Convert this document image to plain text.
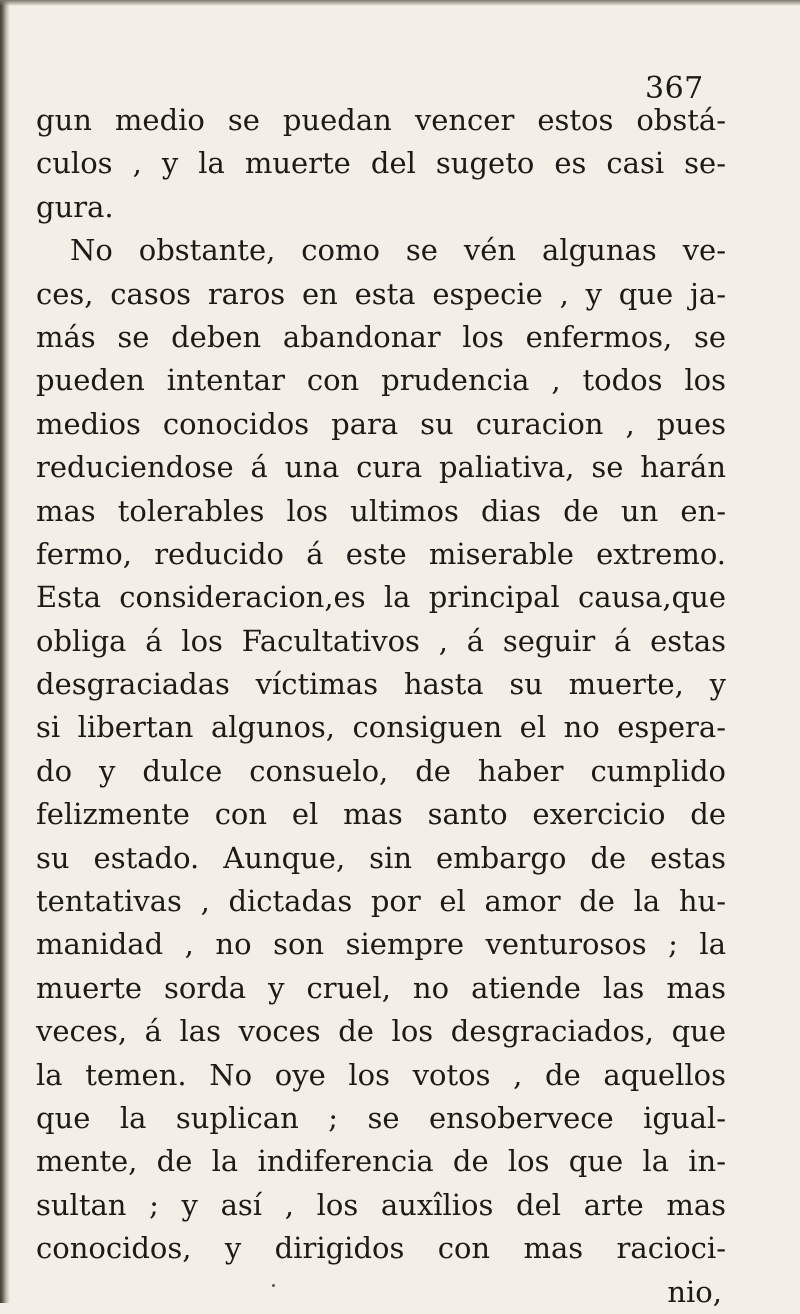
367
gun medio se puedan vencer estos obstá-
culos , y la muerte del sugeto es casi se-
gura.
No obstante, como se vén algunas ve-
ces, casos raros en esta especie , y que ja-
más se deben abandonar los enfermos, se
pueden intentar con prudencia , todos los
medios conocidos para su curacion , pues
reduciendose á una cura paliativa, se harán
mas tolerables los ultimos dias de un en-
fermo, reducido á este miserable extremo.
Esta consideracion,es la principal causa,que
obliga á los Facultativos , á seguir á estas
desgraciadas víctimas hasta su muerte, y
si libertan algunos, consiguen el no espera-
do y dulce consuelo, de haber cumplido
felizmente con el mas santo exercicio de
su estado. Aunque, sin embargo de estas
tentativas , dictadas por el amor de la hu-
manidad , no son siempre venturosos ; la
muerte sorda y cruel, no atiende las mas
veces, á las voces de los desgraciados, que
la temen. No oye los votos , de aquellos
que la suplican ; se ensobervece igual-
mente, de la indiferencia de los que la in-
sultan ; y así , los auxîlios del arte mas
conocidos, y dirigidos con mas racioci-
nio,
